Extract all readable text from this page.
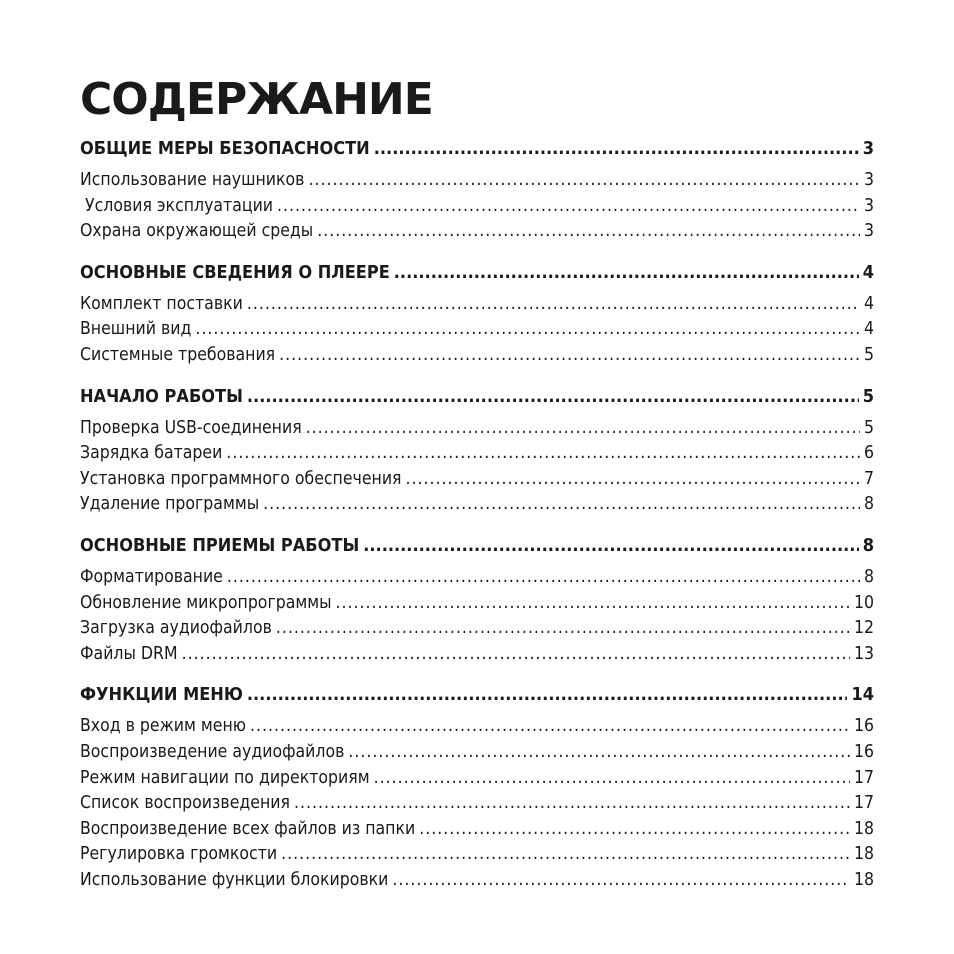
СОДЕРЖАНИЕ
ОБЩИЕ МЕРЫ БЕЗОПАСНОСТИ .....	3
Использование наушников .....	3
Условия эксплуатации .....	3
Охрана окружающей среды .....	3
ОСНОВНЫЕ СВЕДЕНИЯ О ПЛЕЕРЕ .....	4
Комплект поставки .....	4
Внешний вид .....	4
Системные требования .....	5
НАЧАЛО РАБОТЫ .....	5
Проверка USB-соединения .....	5
Зарядка батареи .....	6
Установка программного обеспечения .....	7
Удаление программы .....	8
ОСНОВНЫЕ ПРИЕМЫ РАБОТЫ .....	8
Форматирование .....	8
Обновление микропрограммы .....	10
Загрузка аудиофайлов .....	12
Файлы DRM .....	13
ФУНКЦИИ МЕНЮ .....	14
Вход в режим меню .....	16
Воспроизведение аудиофайлов .....	16
Режим навигации по директориям .....	17
Список воспроизведения .....	17
Воспроизведение всех файлов из папки .....	18
Регулировка громкости .....	18
Использование функции блокировки .....	18
